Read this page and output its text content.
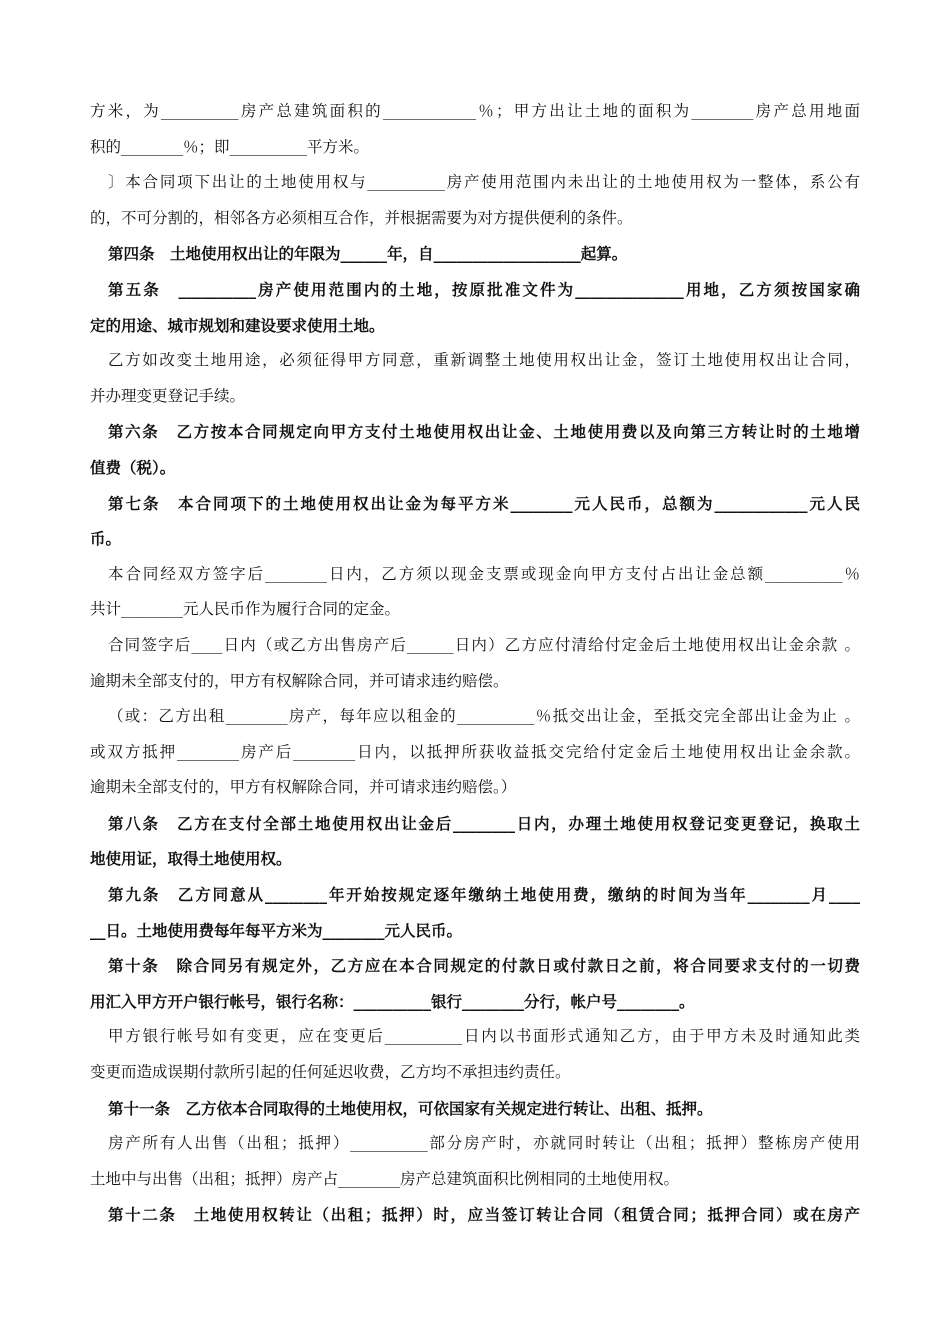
方米，为__________房产总建筑面积的____________％；甲方出让土地的面积为________房产总用地面
积的________％；即__________平方米。
〕本合同项下出让的土地使用权与__________房产使用范围内未出让的土地使用权为一整体，系公有
的，不可分割的，相邻各方必须相互合作，并根据需要为对方提供便利的条件。
第四条　土地使用权出让的年限为______年，自___________________起算。
第五条　__________房产使用范围内的土地，按原批准文件为______________用地，乙方须按国家确
定的用途、城市规划和建设要求使用土地。
乙方如改变土地用途，必须征得甲方同意，重新调整土地使用权出让金，签订土地使用权出让合同，
并办理变更登记手续。
第六条　乙方按本合同规定向甲方支付土地使用权出让金、土地使用费以及向第三方转让时的土地增
值费（税）。
第七条　本合同项下的土地使用权出让金为每平方米________元人民币，总额为____________元人民
币。
本合同经双方签字后________日内，乙方须以现金支票或现金向甲方支付占出让金总额__________％
共计________元人民币作为履行合同的定金。
合同签字后____日内（或乙方出售房产后______日内）乙方应付清给付定金后土地使用权出让金余款 。
逾期未全部支付的，甲方有权解除合同，并可请求违约赔偿。
（或：乙方出租________房产，每年应以租金的__________％抵交出让金，至抵交完全部出让金为止 。
或双方抵押________房产后________日内，以抵押所获收益抵交完给付定金后土地使用权出让金余款。
逾期未全部支付的，甲方有权解除合同，并可请求违约赔偿。）
第八条　乙方在支付全部土地使用权出让金后________日内，办理土地使用权登记变更登记，换取土
地使用证，取得土地使用权。
第九条　乙方同意从________年开始按规定逐年缴纳土地使用费，缴纳的时间为当年________月____
__日。土地使用费每年每平方米为________元人民币。
第十条　除合同另有规定外，乙方应在本合同规定的付款日或付款日之前，将合同要求支付的一切费
用汇入甲方开户银行帐号，银行名称：__________银行________分行，帐户号________。
甲方银行帐号如有变更，应在变更后__________日内以书面形式通知乙方，由于甲方未及时通知此类
变更而造成误期付款所引起的任何延迟收费，乙方均不承担违约责任。
第十一条　乙方依本合同取得的土地使用权，可依国家有关规定进行转让、出租、抵押。
房产所有人出售（出租；抵押）__________部分房产时，亦就同时转让（出租；抵押）整栋房产使用
土地中与出售（出租；抵押）房产占________房产总建筑面积比例相同的土地使用权。
第十二条　土地使用权转让（出租；抵押）时，应当签订转让合同（租赁合同；抵押合同）或在房产
